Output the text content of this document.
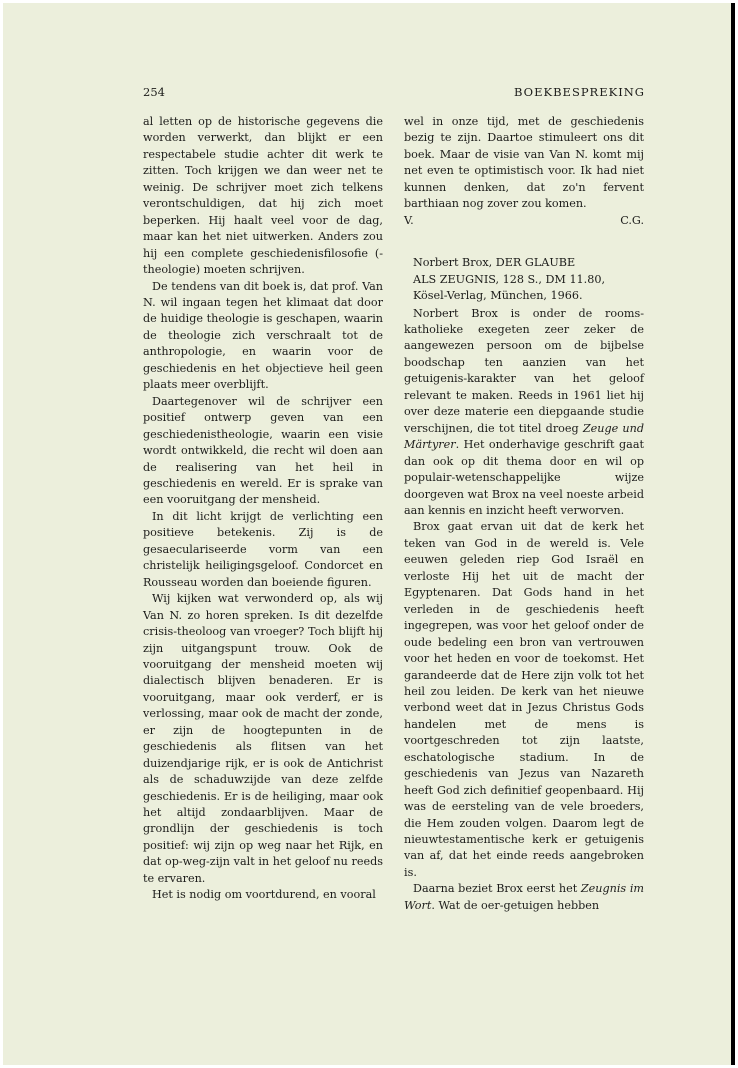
254	BOEKBESPREKING

al letten op de historische gegevens die worden verwerkt, dan blijkt er een respectabele studie achter dit werk te zitten. Toch krijgen we dan weer net te weinig. De schrijver moet zich telkens verontschuldigen, dat hij zich moet beperken. Hij haalt veel voor de dag, maar kan het niet uitwerken. Anders zou hij een complete geschiedenisfilosofie (-theologie) moeten schrijven.

De tendens van dit boek is, dat prof. Van N. wil ingaan tegen het klimaat dat door de huidige theologie is geschapen, waarin de theologie zich verschraalt tot de anthropologie, en waarin voor de geschiedenis en het objectieve heil geen plaats meer overblijft.

Daartegenover wil de schrijver een positief ontwerp geven van een geschiedenistheologie, waarin een visie wordt ontwikkeld, die recht wil doen aan de realisering van het heil in geschiedenis en wereld. Er is sprake van een vooruitgang der mensheid.

In dit licht krijgt de verlichting een positieve betekenis. Zij is de gesaeculariseerde vorm van een christelijk heiligingsgeloof. Condorcet en Rousseau worden dan boeiende figuren.

Wij kijken wat verwonderd op, als wij Van N. zo horen spreken. Is dit dezelfde crisis-theoloog van vroeger? Toch blijft hij zijn uitgangspunt trouw. Ook de vooruitgang der mensheid moeten wij dialectisch blijven benaderen. Er is vooruitgang, maar ook verderf, er is verlossing, maar ook de macht der zonde, er zijn de hoogtepunten in de geschiedenis als flitsen van het duizendjarige rijk, er is ook de Antichrist als de schaduwzijde van deze zelfde geschiedenis. Er is de heiliging, maar ook het altijd zondaarblijven. Maar de grondlijn der geschiedenis is toch positief: wij zijn op weg naar het Rijk, en dat op-weg-zijn valt in het geloof nu reeds te ervaren.

Het is nodig om voortdurend, en vooral

wel in onze tijd, met de geschiedenis bezig te zijn. Daartoe stimuleert ons dit boek. Maar de visie van Van N. komt mij net even te optimistisch voor. Ik had niet kunnen denken, dat zo'n fervent barthiaan nog zover zou komen.

V.	C.G.

Norbert Brox, DER GLAUBE

ALS ZEUGNIS, 128 S., DM 11.80,

Kösel-Verlag, München, 1966.

Norbert Brox is onder de rooms-katholieke exegeten zeer zeker de aangewezen persoon om de bijbelse boodschap ten aanzien van het getuigenis-karakter van het geloof relevant te maken. Reeds in 1961 liet hij over deze materie een diepgaande studie verschijnen, die tot titel droeg Zeuge und Märtyrer. Het onderhavige geschrift gaat dan ook op dit thema door en wil op populair-wetenschappelijke wijze doorgeven wat Brox na veel noeste arbeid aan kennis en inzicht heeft verworven.

Brox gaat ervan uit dat de kerk het teken van God in de wereld is. Vele eeuwen geleden riep God Israël en verloste Hij het uit de macht der Egyptenaren. Dat Gods hand in het verleden in de geschiedenis heeft ingegrepen, was voor het geloof onder de oude bedeling een bron van vertrouwen voor het heden en voor de toekomst. Het garandeerde dat de Here zijn volk tot het heil zou leiden. De kerk van het nieuwe verbond weet dat in Jezus Christus Gods handelen met de mens is voortgeschreden tot zijn laatste, eschatologische stadium. In de geschiedenis van Jezus van Nazareth heeft God zich definitief geopenbaard. Hij was de eersteling van de vele broeders, die Hem zouden volgen. Daarom legt de nieuwtestamentische kerk er getuigenis van af, dat het einde reeds aangebroken is.

Daarna beziet Brox eerst het Zeugnis im Wort. Wat de oer-getuigen hebben
